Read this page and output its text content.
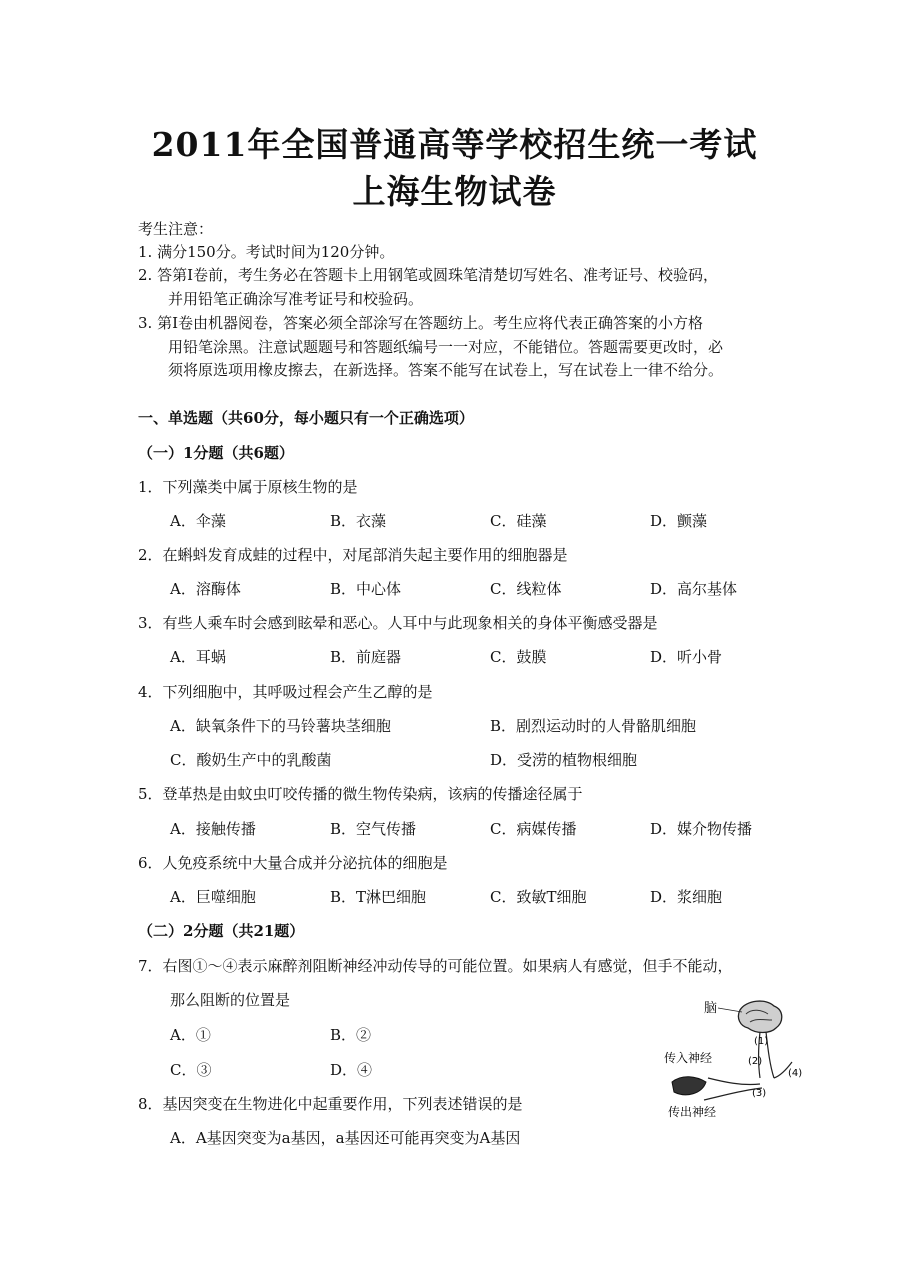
2011年全国普通高等学校招生统一考试
上海生物试卷
考生注意：
1. 满分150分。考试时间为120分钟。
2. 答第Ⅰ卷前，考生务必在答题卡上用钢笔或圆珠笔清楚切写姓名、准考证号、校验码，
并用铅笔正确涂写准考证号和校验码。
3. 第Ⅰ卷由机器阅卷，答案必须全部涂写在答题纺上。考生应将代表正确答案的小方格
用铅笔涂黑。注意试题题号和答题纸编号一一对应，不能错位。答题需要更改时，必
须将原选项用橡皮擦去，在新选择。答案不能写在试卷上，写在试卷上一律不给分。
一、单选题（共60分，每小题只有一个正确选项）
（一）1分题（共6题）
1．下列藻类中属于原核生物的是
A．伞藻	B．衣藻	C．硅藻	D．颤藻
2．在蝌蚪发育成蛙的过程中，对尾部消失起主要作用的细胞器是
A．溶酶体	B．中心体	C．线粒体	D．高尔基体
3．有些人乘车时会感到眩晕和恶心。人耳中与此现象相关的身体平衡感受器是
A．耳蜗	B．前庭器	C．鼓膜	D．听小骨
4．下列细胞中，其呼吸过程会产生乙醇的是
A．缺氧条件下的马铃薯块茎细胞	B．剧烈运动时的人骨骼肌细胞
C．酸奶生产中的乳酸菌	D．受涝的植物根细胞
5．登革热是由蚊虫叮咬传播的微生物传染病，该病的传播途径属于
A．接触传播	B．空气传播	C．病媒传播	D．媒介物传播
6．人免疫系统中大量合成并分泌抗体的细胞是
A．巨噬细胞	B．T淋巴细胞	C．致敏T细胞	D．浆细胞
（二）2分题（共21题）
7．右图①～④表示麻醉剂阻断神经冲动传导的可能位置。如果病人有感觉，但手不能动，
那么阻断的位置是
A．①	B．②
C．③	D．④
脑
传入神经
传出神经
(1)
(2)
(3)
(4)
8．基因突变在生物进化中起重要作用，下列表述错误的是
A．A基因突变为a基因，a基因还可能再突变为A基因
